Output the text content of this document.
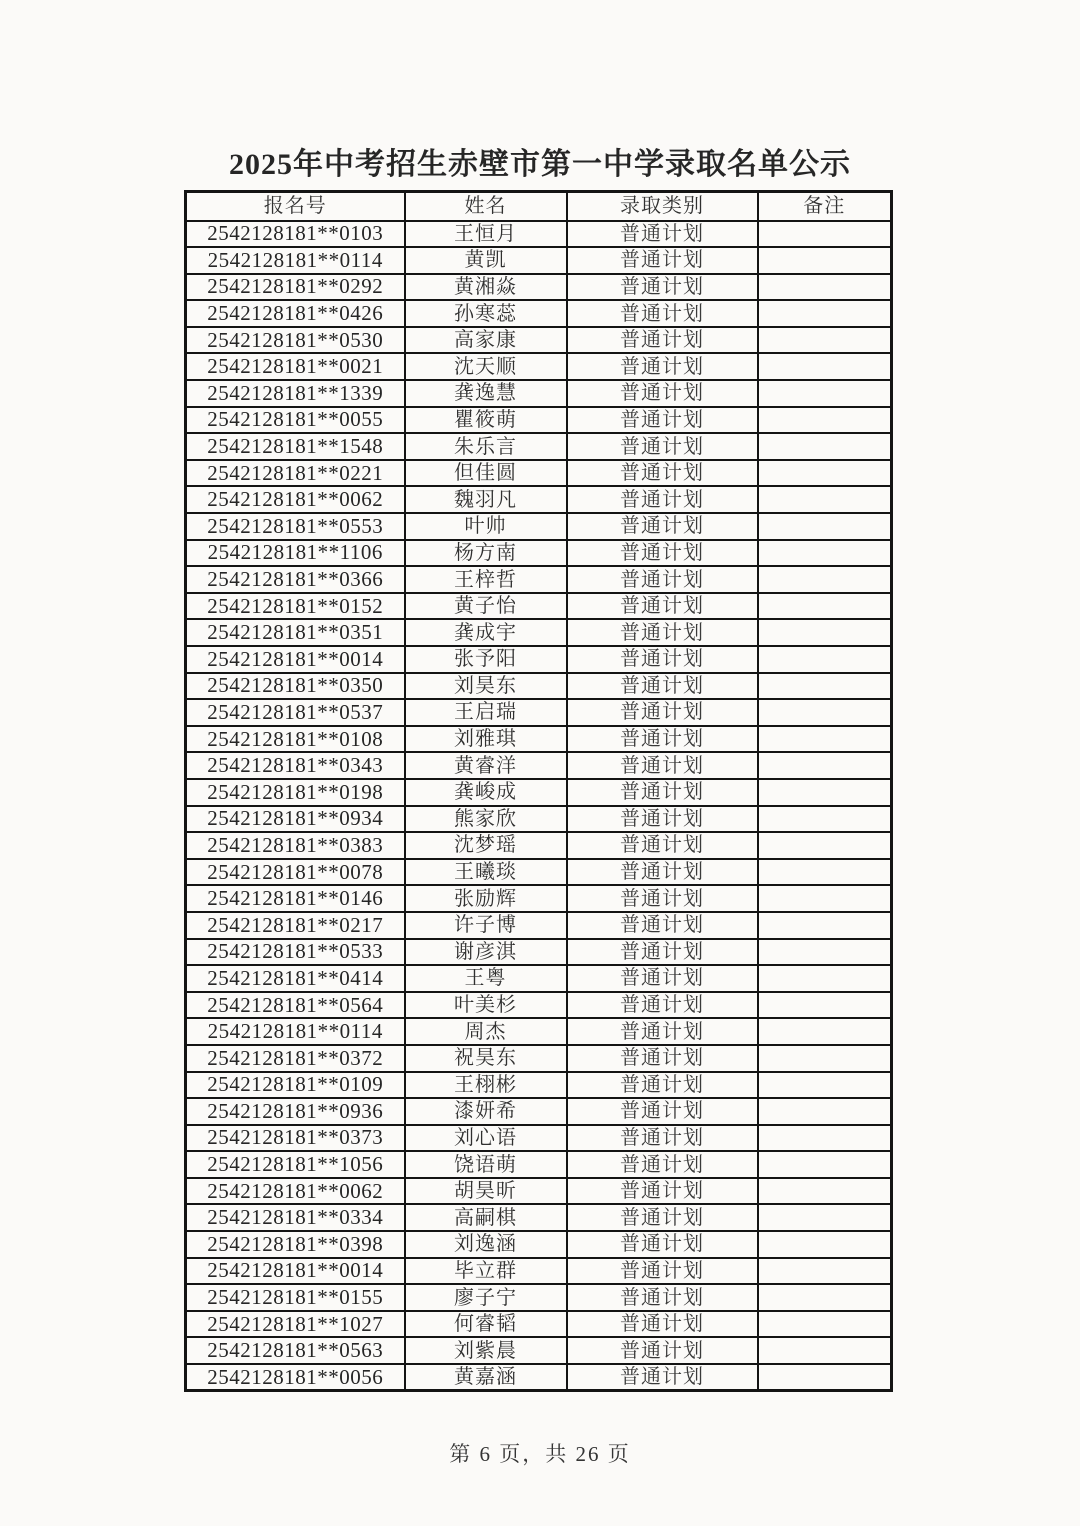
2025年中考招生赤壁市第一中学录取名单公示
报名号	姓名	录取类别	备注
2542128181**0103	王恒月	普通计划	
2542128181**0114	黄凯	普通计划	
2542128181**0292	黄湘焱	普通计划	
2542128181**0426	孙寒蕊	普通计划	
2542128181**0530	高家康	普通计划	
2542128181**0021	沈天顺	普通计划	
2542128181**1339	龚逸慧	普通计划	
2542128181**0055	瞿筱萌	普通计划	
2542128181**1548	朱乐言	普通计划	
2542128181**0221	但佳圆	普通计划	
2542128181**0062	魏羽凡	普通计划	
2542128181**0553	叶帅	普通计划	
2542128181**1106	杨方南	普通计划	
2542128181**0366	王梓哲	普通计划	
2542128181**0152	黄子怡	普通计划	
2542128181**0351	龚成宇	普通计划	
2542128181**0014	张予阳	普通计划	
2542128181**0350	刘昊东	普通计划	
2542128181**0537	王启瑞	普通计划	
2542128181**0108	刘雅琪	普通计划	
2542128181**0343	黄睿洋	普通计划	
2542128181**0198	龚峻成	普通计划	
2542128181**0934	熊家欣	普通计划	
2542128181**0383	沈梦瑶	普通计划	
2542128181**0078	王曦琰	普通计划	
2542128181**0146	张励辉	普通计划	
2542128181**0217	许子博	普通计划	
2542128181**0533	谢彦淇	普通计划	
2542128181**0414	王粤	普通计划	
2542128181**0564	叶美杉	普通计划	
2542128181**0114	周杰	普通计划	
2542128181**0372	祝昊东	普通计划	
2542128181**0109	王栩彬	普通计划	
2542128181**0936	漆妍希	普通计划	
2542128181**0373	刘心语	普通计划	
2542128181**1056	饶语萌	普通计划	
2542128181**0062	胡昊昕	普通计划	
2542128181**0334	高嗣棋	普通计划	
2542128181**0398	刘逸涵	普通计划	
2542128181**0014	毕立群	普通计划	
2542128181**0155	廖子宁	普通计划	
2542128181**1027	何睿韬	普通计划	
2542128181**0563	刘紫晨	普通计划	
2542128181**0056	黄嘉涵	普通计划	
第 6 页，共 26 页
